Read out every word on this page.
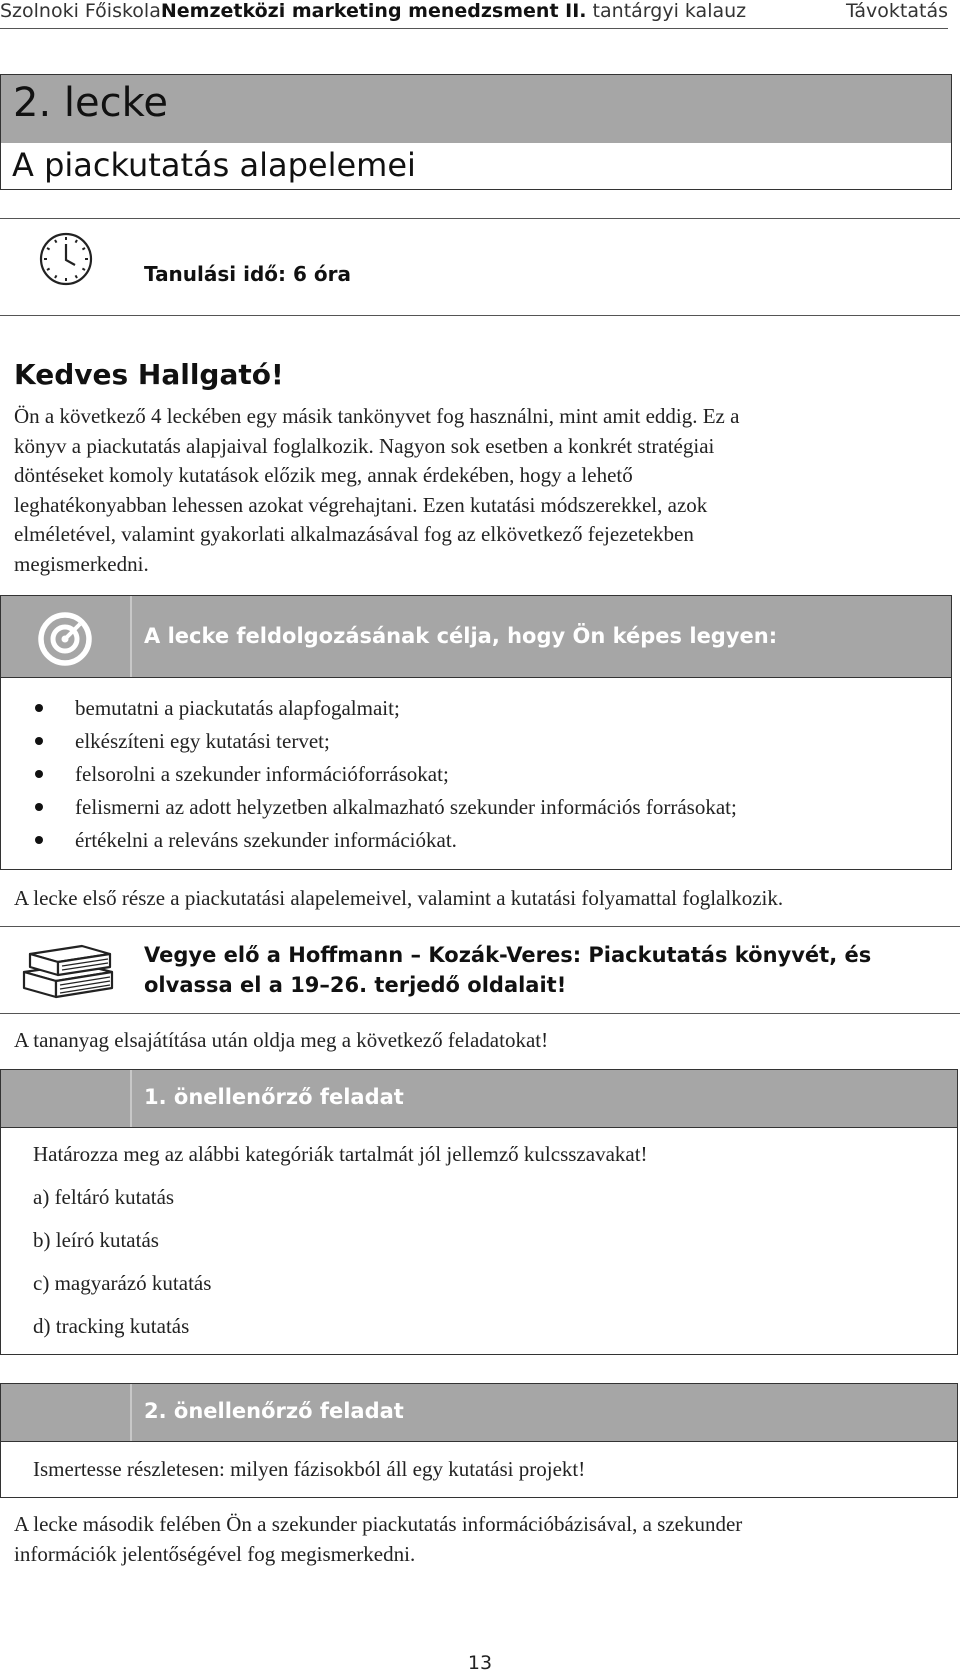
Szolnoki FőiskolaNemzetközi marketing menedzsment II. tantárgyi kalauz	Távoktatás
2. lecke
A piackutatás alapelemei
Tanulási idő: 6 óra
Kedves Hallgató!
Ön a következő 4 leckében egy másik tankönyvet fog használni, mint amit eddig. Ez a
könyv a piackutatás alapjaival foglalkozik. Nagyon sok esetben a konkrét stratégiai
döntéseket komoly kutatások előzik meg, annak érdekében, hogy a lehető
leghatékonyabban lehessen azokat végrehajtani. Ezen kutatási módszerekkel, azok
elméletével, valamint gyakorlati alkalmazásával fog az elkövetkező fejezetekben
megismerkedni.
A lecke feldolgozásának célja, hogy Ön képes legyen:
bemutatni a piackutatás alapfogalmait;
elkészíteni egy kutatási tervet;
felsorolni a szekunder információforrásokat;
felismerni az adott helyzetben alkalmazható szekunder információs forrásokat;
értékelni a releváns szekunder információkat.
A lecke első része a piackutatási alapelemeivel, valamint a kutatási folyamattal foglalkozik.
Vegye elő a Hoffmann – Kozák-Veres: Piackutatás könyvét, és
olvassa el a 19–26. terjedő oldalait!
A tananyag elsajátítása után oldja meg a következő feladatokat!
1. önellenőrző feladat
Határozza meg az alábbi kategóriák tartalmát jól jellemző kulcsszavakat!
a) feltáró kutatás
b) leíró kutatás
c) magyarázó kutatás
d) tracking kutatás
2. önellenőrző feladat
Ismertesse részletesen: milyen fázisokból áll egy kutatási projekt!
A lecke második felében Ön a szekunder piackutatás információbázisával, a szekunder
információk jelentőségével fog megismerkedni.
13
